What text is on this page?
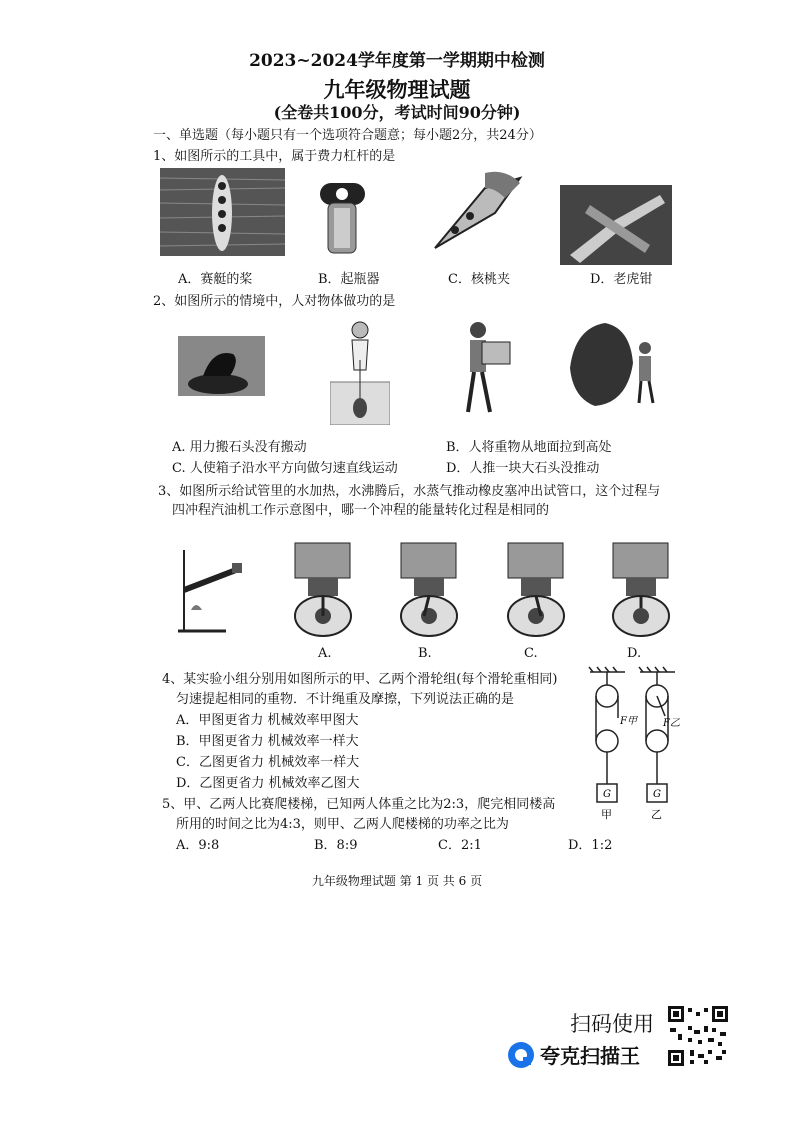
2023~2024学年度第一学期期中检测
九年级物理试题
(全卷共100分，考试时间90分钟)
一、单选题（每小题只有一个选项符合题意；每小题2分，共24分）
1、如图所示的工具中，属于费力杠杆的是
A．赛艇的桨	B．起瓶器	C．核桃夹	D．老虎钳
2、如图所示的情境中，人对物体做功的是
A. 用力搬石头没有搬动	B．人将重物从地面拉到高处
C. 人使箱子沿水平方向做匀速直线运动	D．人推一块大石头没推动
3、如图所示给试管里的水加热，水沸腾后，水蒸气推动橡皮塞冲出试管口，这个过程与
四冲程汽油机工作示意图中，哪一个冲程的能量转化过程是相同的
A.	B.	C.	D.
4、某实验小组分别用如图所示的甲、乙两个滑轮组(每个滑轮重相同)
匀速提起相同的重物．不计绳重及摩擦，下列说法正确的是
A．甲图更省力 机械效率甲图大
B．甲图更省力 机械效率一样大
C．乙图更省力 机械效率一样大
D．乙图更省力 机械效率乙图大
F甲	F乙
G	G
甲	乙
5、甲、乙两人比赛爬楼梯，已知两人体重之比为2:3，爬完相同楼高
所用的时间之比为4:3，则甲、乙两人爬楼梯的功率之比为
A．9:8	B．8:9	C．2:1	D．1:2
九年级物理试题 第 1 页 共 6 页
扫码使用
夸克扫描王
